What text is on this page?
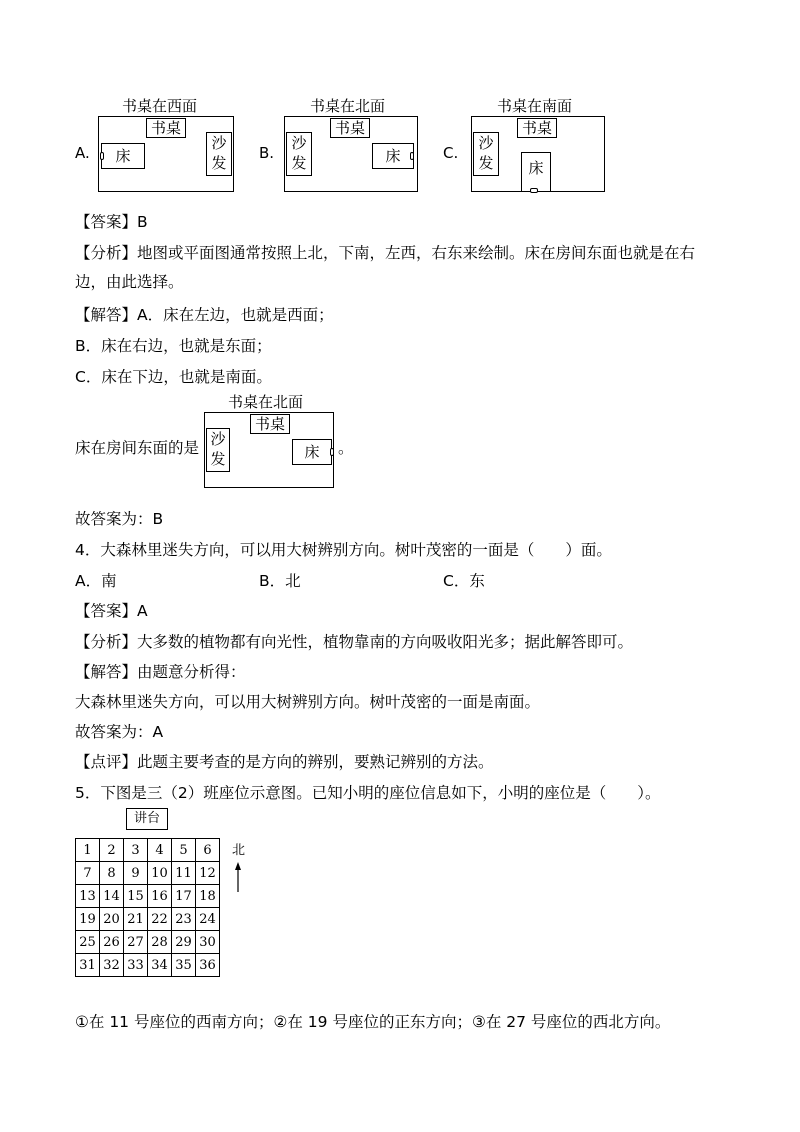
A.
书桌在西面
书桌
床
沙发
B.
书桌在北面
书桌
沙发	床	C.
书桌在南面
书桌
沙发	床
【答案】B
【分析】地图或平面图通常按照上北，下南，左西，右东来绘制。床在房间东面也就是在右
边，由此选择。
【解答】A．床在左边，也就是西面；
B．床在右边，也就是东面；
C．床在下边，也就是南面。
床在房间东面的是
书桌在北面
书桌
沙发	床	。
故答案为：B
4．大森林里迷失方向，可以用大树辨别方向。树叶茂密的一面是（　　）面。
A．南	B．北	C．东
【答案】A
【分析】大多数的植物都有向光性，植物靠南的方向吸收阳光多；据此解答即可。
【解答】由题意分析得：
大森林里迷失方向，可以用大树辨别方向。树叶茂密的一面是南面。
故答案为：A
【点评】此题主要考查的是方向的辨别，要熟记辨别的方法。
5．下图是三（2）班座位示意图。已知小明的座位信息如下，小明的座位是（　　）。
讲台
1	2	3	4	5	6
7	8	9	10	11	12
13	14	15	16	17	18
19	20	21	22	23	24
25	26	27	28	29	30
31	32	33	34	35	36
北
①在 11 号座位的西南方向；②在 19 号座位的正东方向；③在 27 号座位的西北方向。
